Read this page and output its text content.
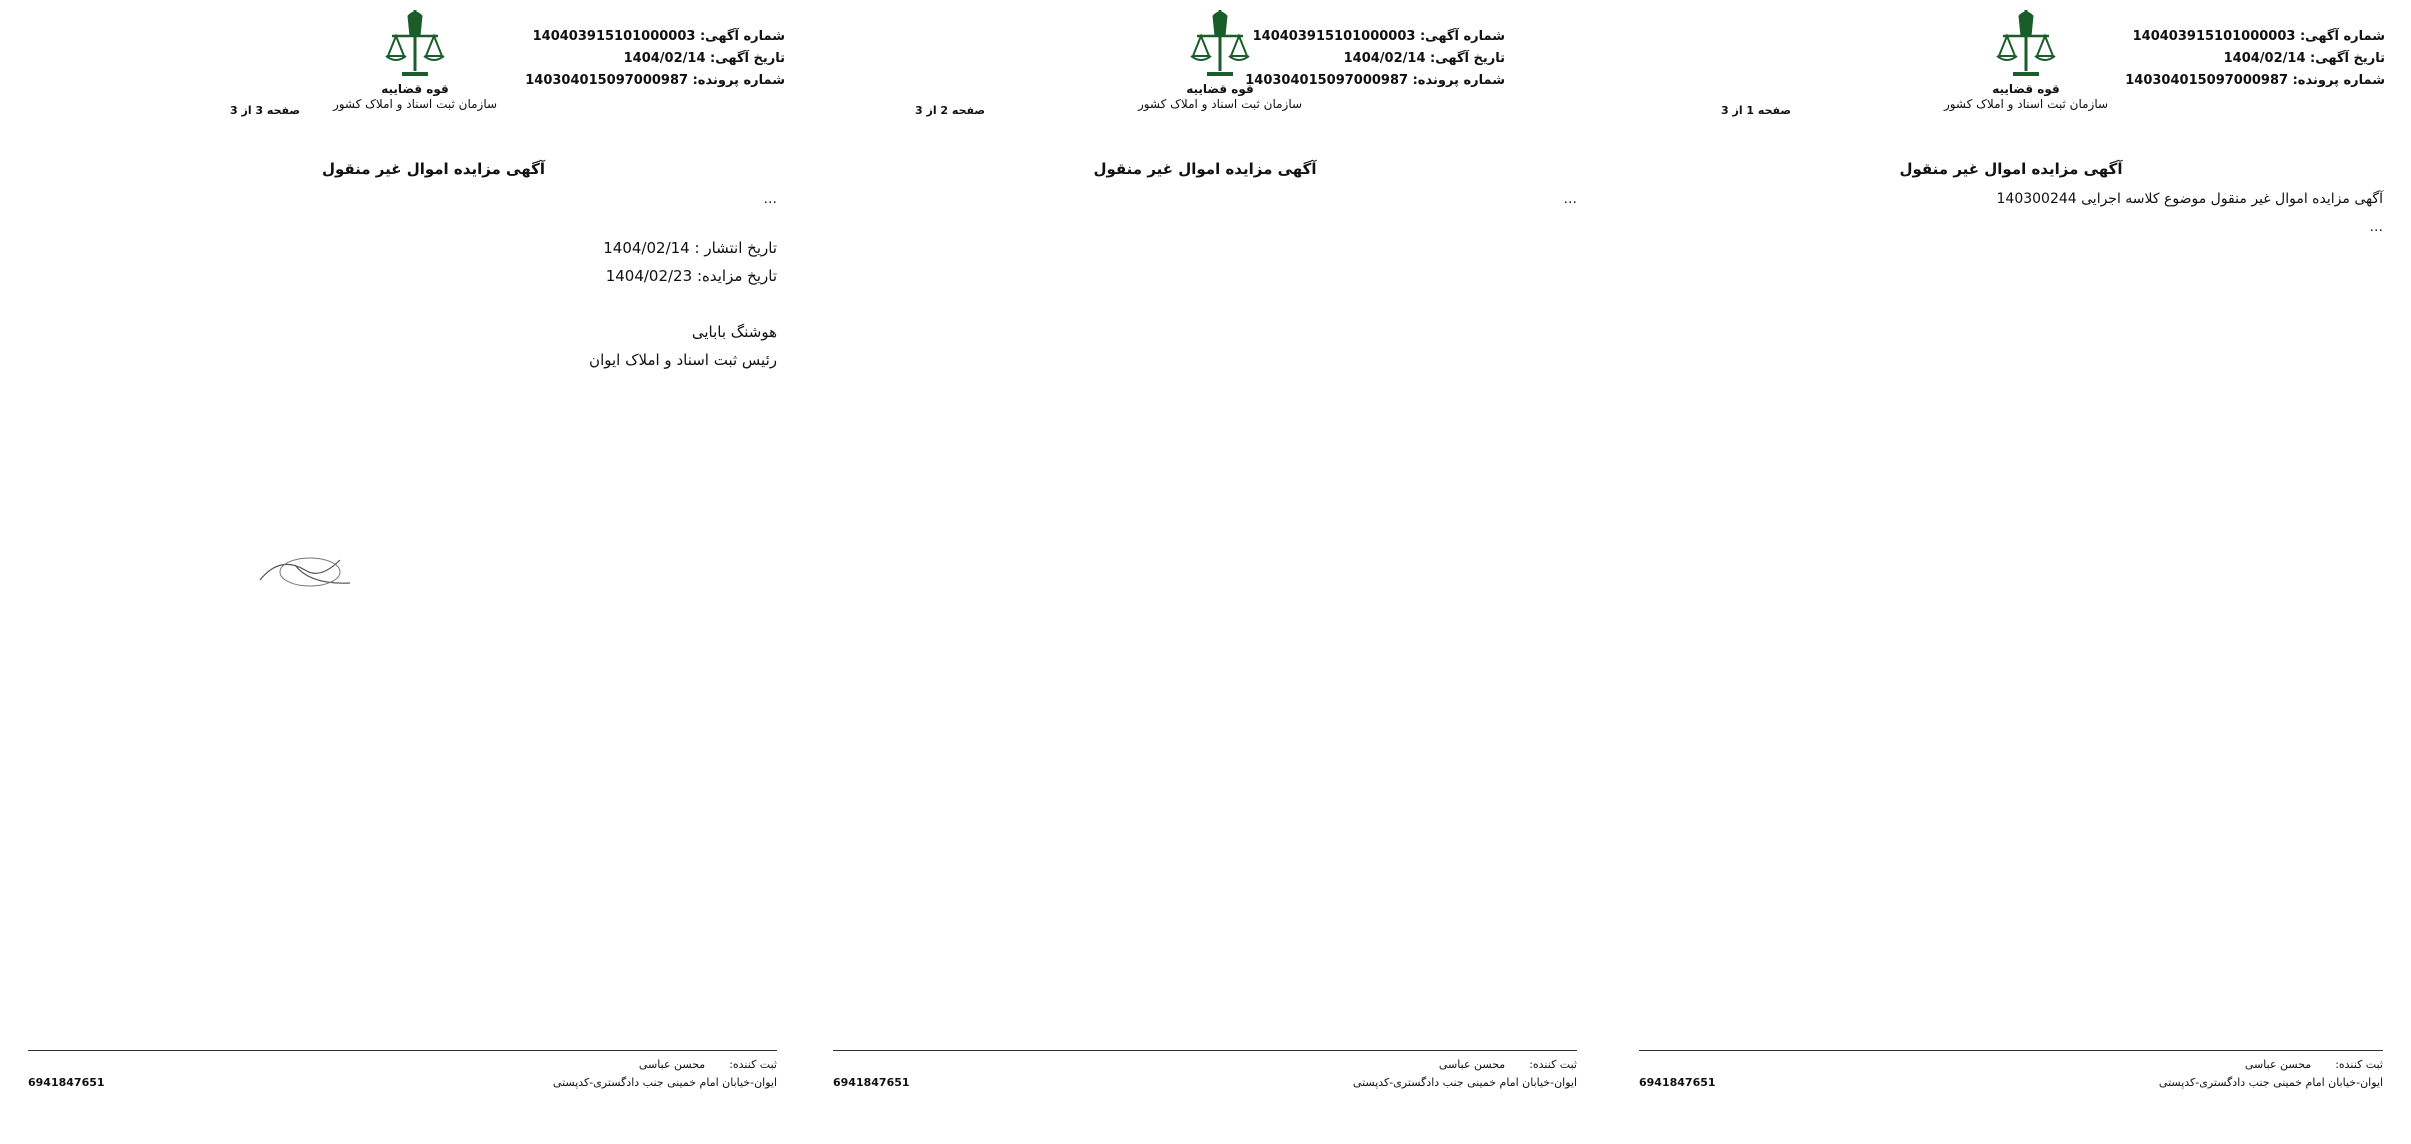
قوه قضاییه
سازمان ثبت اسناد و املاک کشور
شماره آگهی: 140403915101000003
تاریخ آگهی: 1404/02/14
شماره پرونده: 140304015097000987
صفحه 1 از 3
آگهی مزایده اموال غیر منقول
آگهی مزایده اموال غیر منقول موضوع کلاسه اجرایی 140300244
…
ثبت کننده:
محسن عباسی
ایوان-خیابان امام خمینی جنب دادگستری-کدپستی
6941847651
قوه قضاییه
سازمان ثبت اسناد و املاک کشور
شماره آگهی: 140403915101000003
تاریخ آگهی: 1404/02/14
شماره پرونده: 140304015097000987
صفحه 2 از 3
آگهی مزایده اموال غیر منقول
…
ثبت کننده:
محسن عباسی
ایوان-خیابان امام خمینی جنب دادگستری-کدپستی
6941847651
قوه قضاییه
سازمان ثبت اسناد و املاک کشور
شماره آگهی: 140403915101000003
تاریخ آگهی: 1404/02/14
شماره پرونده: 140304015097000987
صفحه 3 از 3
آگهی مزایده اموال غیر منقول
…
تاریخ انتشار : 1404/02/14
تاریخ مزایده: 1404/02/23
هوشنگ بابایی
رئیس ثبت اسناد و املاک ایوان
ثبت کننده:
محسن عباسی
ایوان-خیابان امام خمینی جنب دادگستری-کدپستی
6941847651
